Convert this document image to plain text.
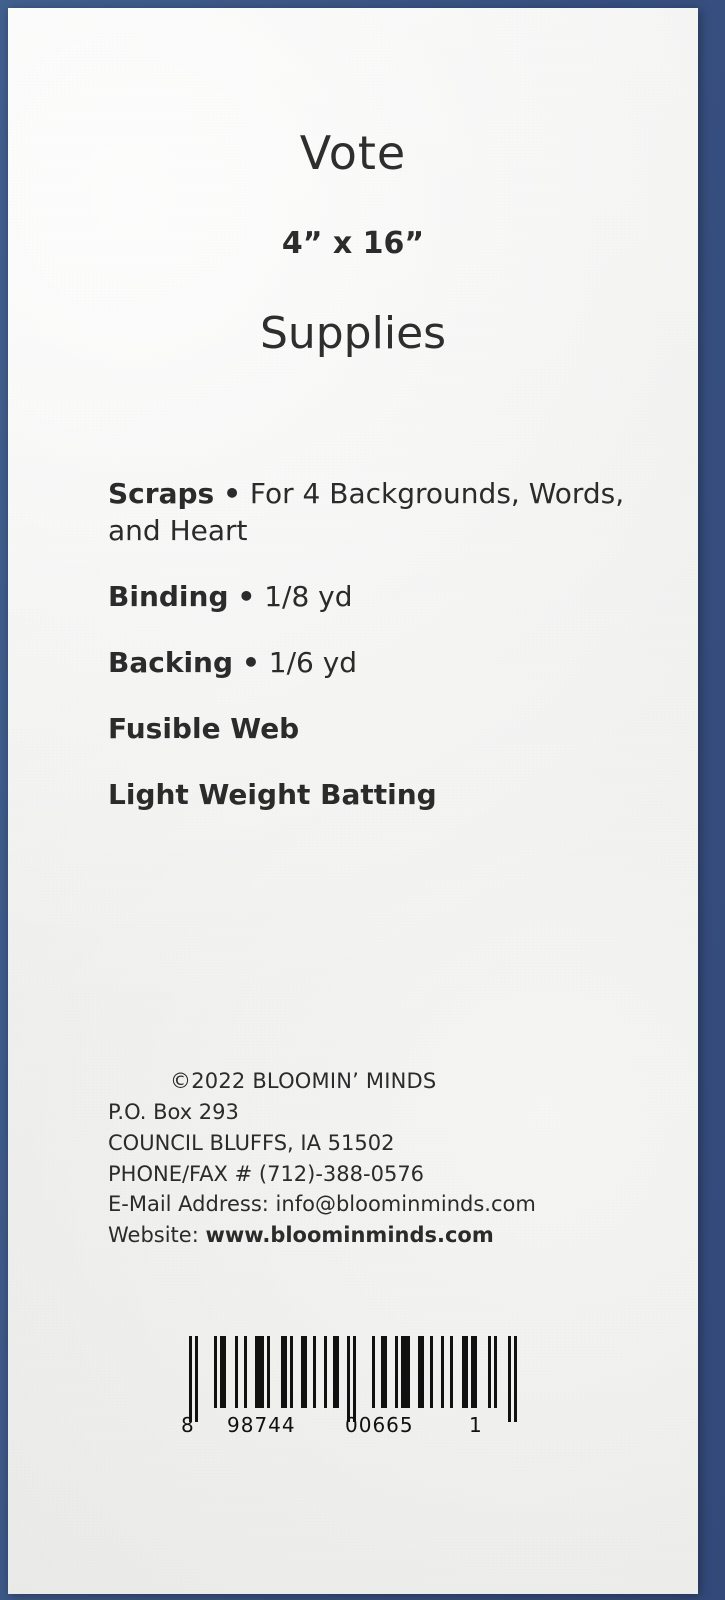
Vote
4” x 16”
Supplies
Scraps • For 4 Backgrounds, Words, and Heart
Binding • 1/8 yd
Backing • 1/6 yd
Fusible Web
Light Weight Batting
©2022 BLOOMIN’ MINDS
P.O. Box 293
COUNCIL BLUFFS, IA 51502
PHONE/FAX # (712)-388-0576
E-Mail Address: info@bloominminds.com
Website: www.bloominminds.com

8 98744 00665	1
